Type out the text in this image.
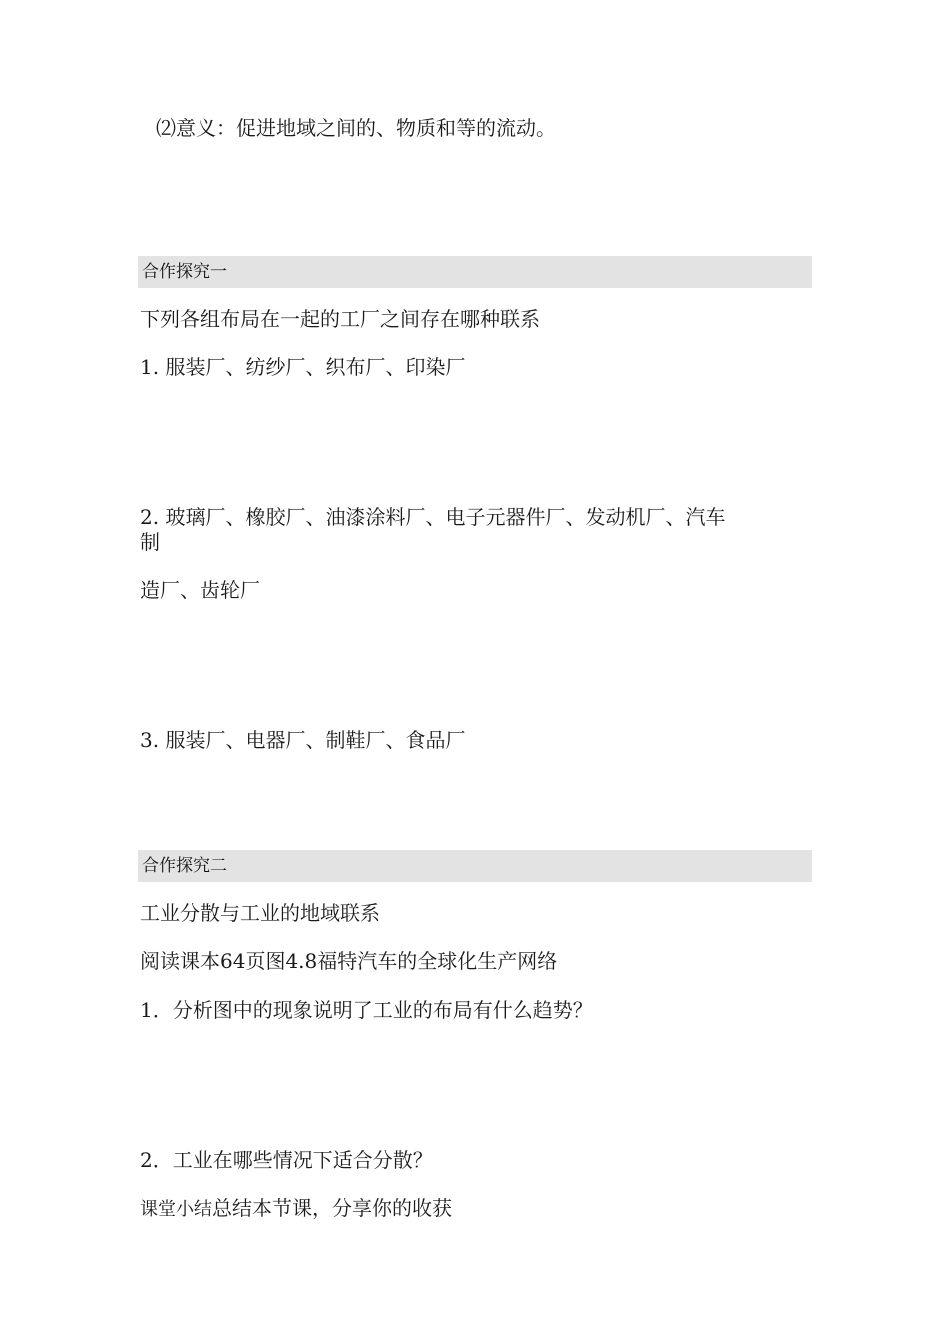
⑵意义：促进地域之间的、物质和等的流动。
合作探究一
下列各组布局在一起的工厂之间存在哪种联系
1. 服装厂、纺纱厂、织布厂、印染厂
2. 玻璃厂、橡胶厂、油漆涂料厂、电子元器件厂、发动机厂、汽车
制
造厂、齿轮厂
3. 服装厂、电器厂、制鞋厂、食品厂
合作探究二
工业分散与工业的地域联系
阅读课本64页图4.8福特汽车的全球化生产网络
1．分析图中的现象说明了工业的布局有什么趋势？
2．工业在哪些情况下适合分散？
课堂小结总结本节课，分享你的收获
